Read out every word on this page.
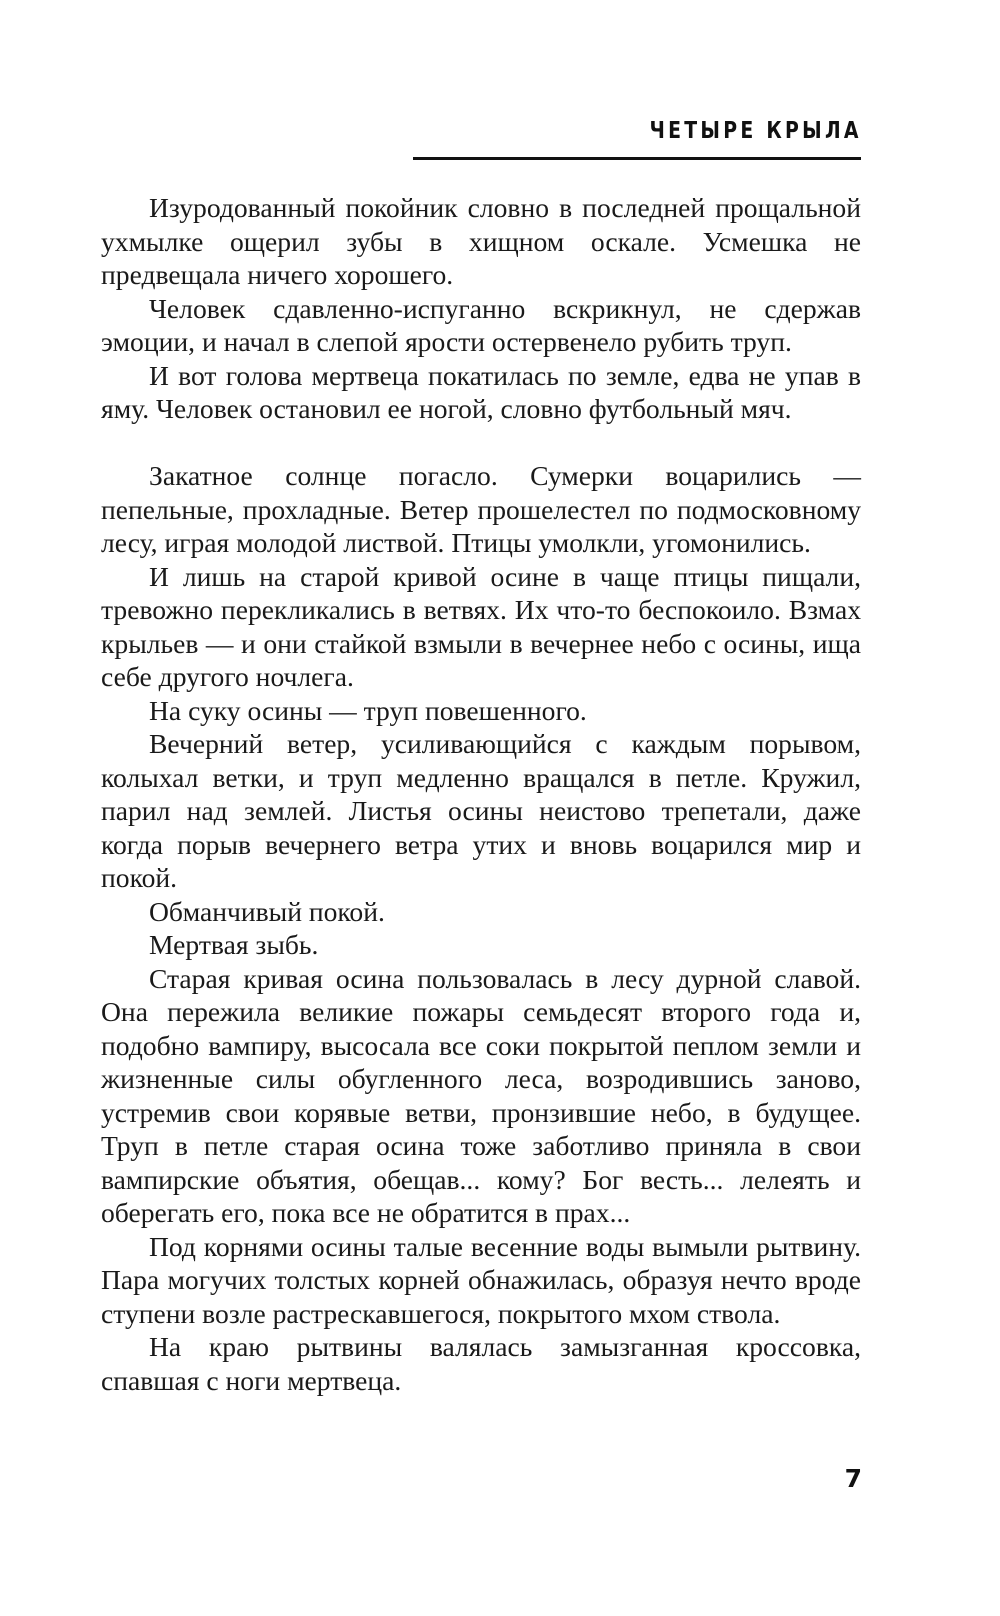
ЧЕТЫРЕ КРЫЛА

Изуродованный покойник словно в последней прощальной ухмылке ощерил зубы в хищном оскале. Усмешка не предвещала ничего хорошего.

Человек сдавленно-испуганно вскрикнул, не сдержав эмоции, и начал в слепой ярости остервенело рубить труп.

И вот голова мертвеца покатилась по земле, едва не упав в яму. Человек остановил ее ногой, словно футбольный мяч.

Закатное солнце погасло. Сумерки воцарились — пепельные, прохладные. Ветер прошелестел по подмосковному лесу, играя молодой листвой. Птицы умолкли, угомонились.

И лишь на старой кривой осине в чаще птицы пищали, тревожно перекликались в ветвях. Их что-то беспокоило. Взмах крыльев — и они стайкой взмыли в вечернее небо с осины, ища себе другого ночлега.

На суку осины — труп повешенного.

Вечерний ветер, усиливающийся с каждым порывом, колыхал ветки, и труп медленно вращался в петле. Кружил, парил над землей. Листья осины неистово трепетали, даже когда порыв вечернего ветра утих и вновь воцарился мир и покой.

Обманчивый покой.

Мертвая зыбь.

Старая кривая осина пользовалась в лесу дурной славой. Она пережила великие пожары семьдесят второго года и, подобно вампиру, высосала все соки покрытой пеплом земли и жизненные силы обугленного леса, возродившись заново, устремив свои корявые ветви, пронзившие небо, в будущее. Труп в петле старая осина тоже заботливо приняла в свои вампирские объятия, обещав... кому? Бог весть... лелеять и оберегать его, пока все не обратится в прах...

Под корнями осины талые весенние воды вымыли рытвину. Пара могучих толстых корней обнажилась, образуя нечто вроде ступени возле растрескавшегося, покрытого мхом ствола.

На краю рытвины валялась замызганная кроссовка, спавшая с ноги мертвеца.

7
